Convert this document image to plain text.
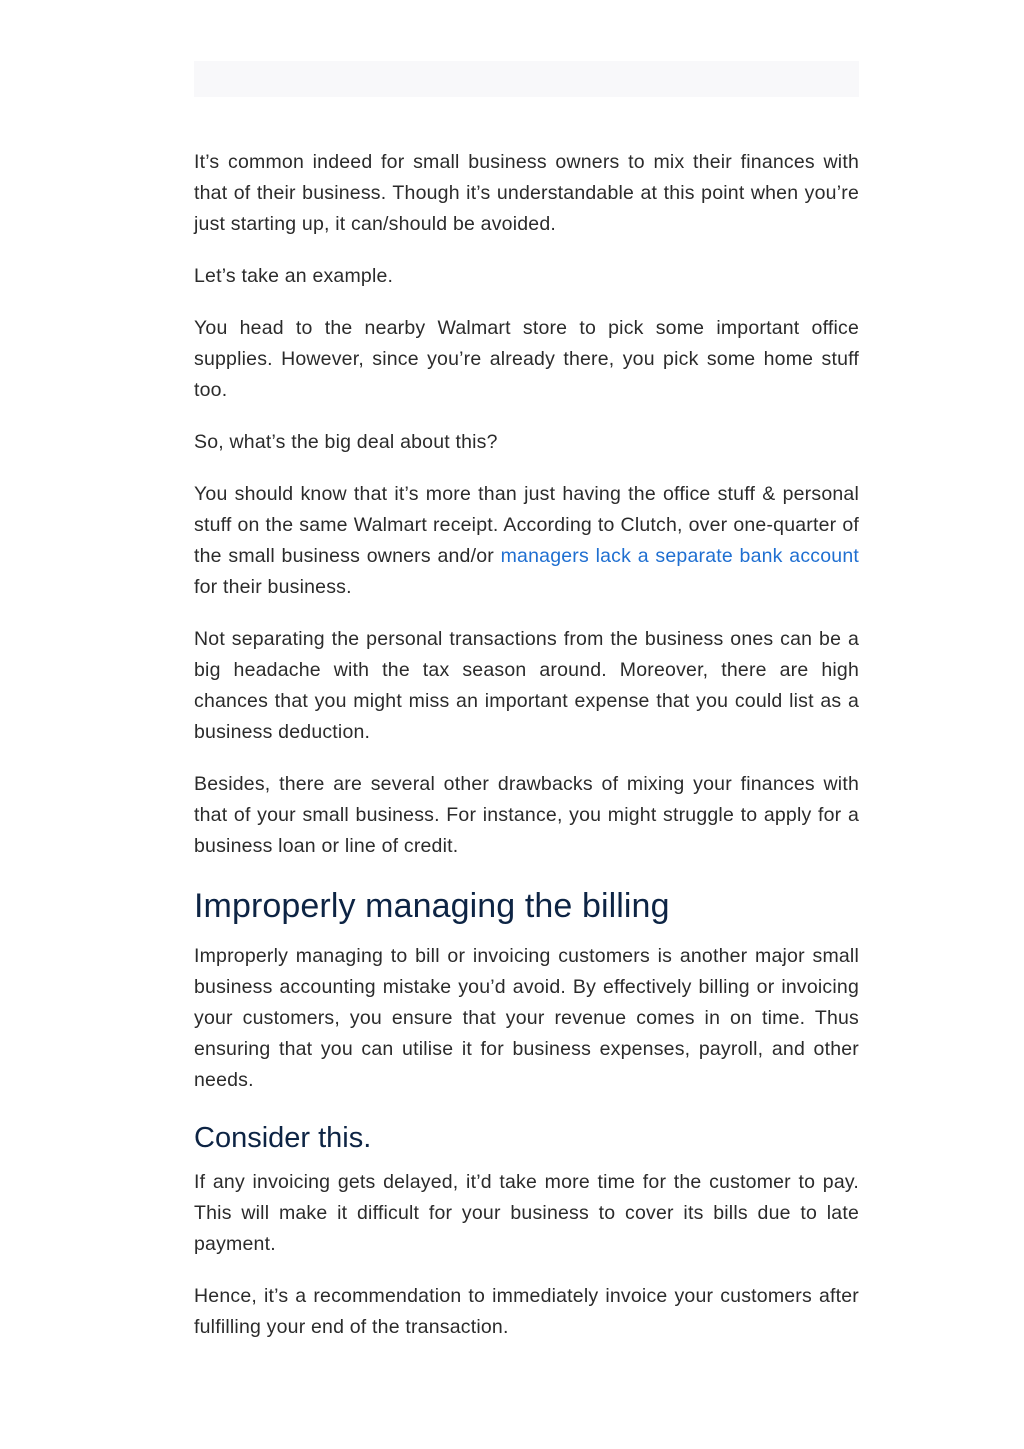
It’s common indeed for small business owners to mix their finances with that of their business. Though it’s understandable at this point when you’re just starting up, it can/should be avoided.

Let’s take an example.

You head to the nearby Walmart store to pick some important office supplies. However, since you’re already there, you pick some home stuff too.

So, what’s the big deal about this?

You should know that it’s more than just having the office stuff & personal stuff on the same Walmart receipt. According to Clutch, over one-quarter of the small business owners and/or managers lack a separate bank account for their business.

Not separating the personal transactions from the business ones can be a big headache with the tax season around. Moreover, there are high chances that you might miss an important expense that you could list as a business deduction.

Besides, there are several other drawbacks of mixing your finances with that of your small business. For instance, you might struggle to apply for a business loan or line of credit.

Improperly managing the billing

Improperly managing to bill or invoicing customers is another major small business accounting mistake you’d avoid. By effectively billing or invoicing your customers, you ensure that your revenue comes in on time. Thus ensuring that you can utilise it for business expenses, payroll, and other needs.

Consider this.

If any invoicing gets delayed, it’d take more time for the customer to pay. This will make it difficult for your business to cover its bills due to late payment.

Hence, it’s a recommendation to immediately invoice your customers after fulfilling your end of the transaction.
